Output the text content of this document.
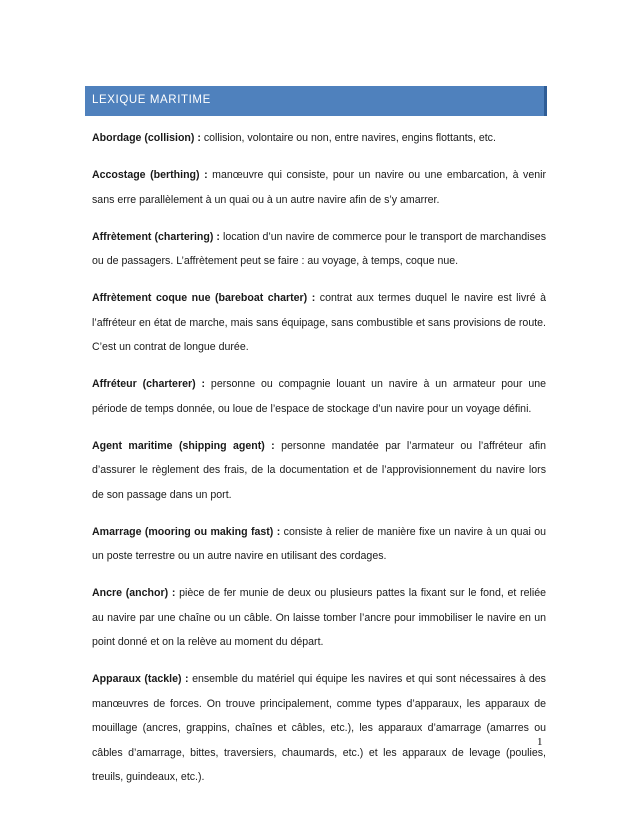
LEXIQUE MARITIME

Abordage (collision) : collision, volontaire ou non, entre navires, engins flottants, etc.

Accostage (berthing) : manœuvre qui consiste, pour un navire ou une embarcation, à venir sans erre parallèlement à un quai ou à un autre navire afin de s’y amarrer.

Affrètement (chartering) : location d’un navire de commerce pour le transport de marchandises ou de passagers. L’affrètement peut se faire : au voyage, à temps, coque nue.

Affrètement coque nue (bareboat charter) : contrat aux termes duquel le navire est livré à l’affréteur en état de marche, mais sans équipage, sans combustible et sans provisions de route. C’est un contrat de longue durée.

Affréteur (charterer) : personne ou compagnie louant un navire à un armateur pour une période de temps donnée, ou loue de l’espace de stockage d’un navire pour un voyage défini.

Agent maritime (shipping agent) : personne mandatée par l’armateur ou l’affréteur afin d’assurer le règlement des frais, de la documentation et de l’approvisionnement du navire lors de son passage dans un port.

Amarrage (mooring ou making fast) : consiste à relier de manière fixe un navire à un quai ou un poste terrestre ou un autre navire en utilisant des cordages.

Ancre (anchor) : pièce de fer munie de deux ou plusieurs pattes la fixant sur le fond, et reliée au navire par une chaîne ou un câble. On laisse tomber l’ancre pour immobiliser le navire en un point donné et on la relève au moment du départ.

Apparaux (tackle) : ensemble du matériel qui équipe les navires et qui sont nécessaires à des manœuvres de forces. On trouve principalement, comme types d’apparaux, les apparaux de mouillage (ancres, grappins, chaînes et câbles, etc.), les apparaux d’amarrage (amarres ou câbles d’amarrage, bittes, traversiers, chaumards, etc.) et les apparaux de levage (poulies, treuils, guindeaux, etc.).

1
